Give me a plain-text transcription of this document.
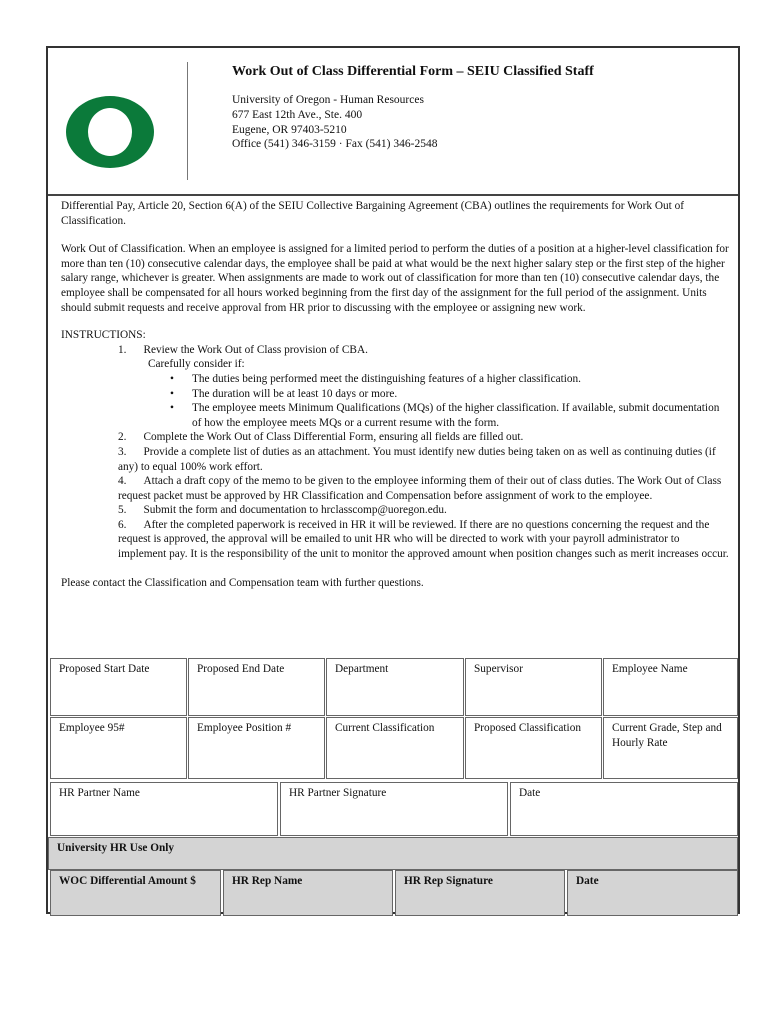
Work Out of Class Differential Form – SEIU Classified Staff
University of Oregon - Human Resources
677 East 12th Ave., Ste. 400
Eugene, OR 97403-5210
Office (541) 346-3159 · Fax (541) 346-2548

Differential Pay, Article 20, Section 6(A) of the SEIU Collective Bargaining Agreement (CBA) outlines the requirements for Work Out of Classification.

Work Out of Classification. When an employee is assigned for a limited period to perform the duties of a position at a higher-level classification for more than ten (10) consecutive calendar days, the employee shall be paid at what would be the next higher salary step or the first step of the higher salary range, whichever is greater. When assignments are made to work out of classification for more than ten (10) consecutive calendar days, the employee shall be compensated for all hours worked beginning from the first day of the assignment for the full period of the assignment. Units should submit requests and receive approval from HR prior to discussing with the employee or assigning new work.

INSTRUCTIONS:

1. Review the Work Out of Class provision of CBA.

Carefully consider if:

• The duties being performed meet the distinguishing features of a higher classification.

• The duration will be at least 10 days or more.

• The employee meets Minimum Qualifications (MQs) of the higher classification. If available, submit documentation of how the employee meets MQs or a current resume with the form.

2. Complete the Work Out of Class Differential Form, ensuring all fields are filled out.

3. Provide a complete list of duties as an attachment. You must identify new duties being taken on as well as continuing duties (if any) to equal 100% work effort.

4. Attach a draft copy of the memo to be given to the employee informing them of their out of class duties. The Work Out of Class request packet must be approved by HR Classification and Compensation before assignment of work to the employee.

5. Submit the form and documentation to hrclasscomp@uoregon.edu.

6. After the completed paperwork is received in HR it will be reviewed. If there are no questions concerning the request and the request is approved, the approval will be emailed to unit HR who will be directed to work with your payroll administrator to implement pay. It is the responsibility of the unit to monitor the approved amount when position changes such as merit increases occur.

Please contact the Classification and Compensation team with further questions.

Proposed Start Date	Proposed End Date	Department	Supervisor	Employee Name
Employee 95#	Employee Position #	Current Classification	Proposed Classification	Current Grade, Step and Hourly Rate
HR Partner Name	HR Partner Signature	Date
University HR Use Only
WOC Differential Amount $	HR Rep Name	HR Rep Signature	Date
